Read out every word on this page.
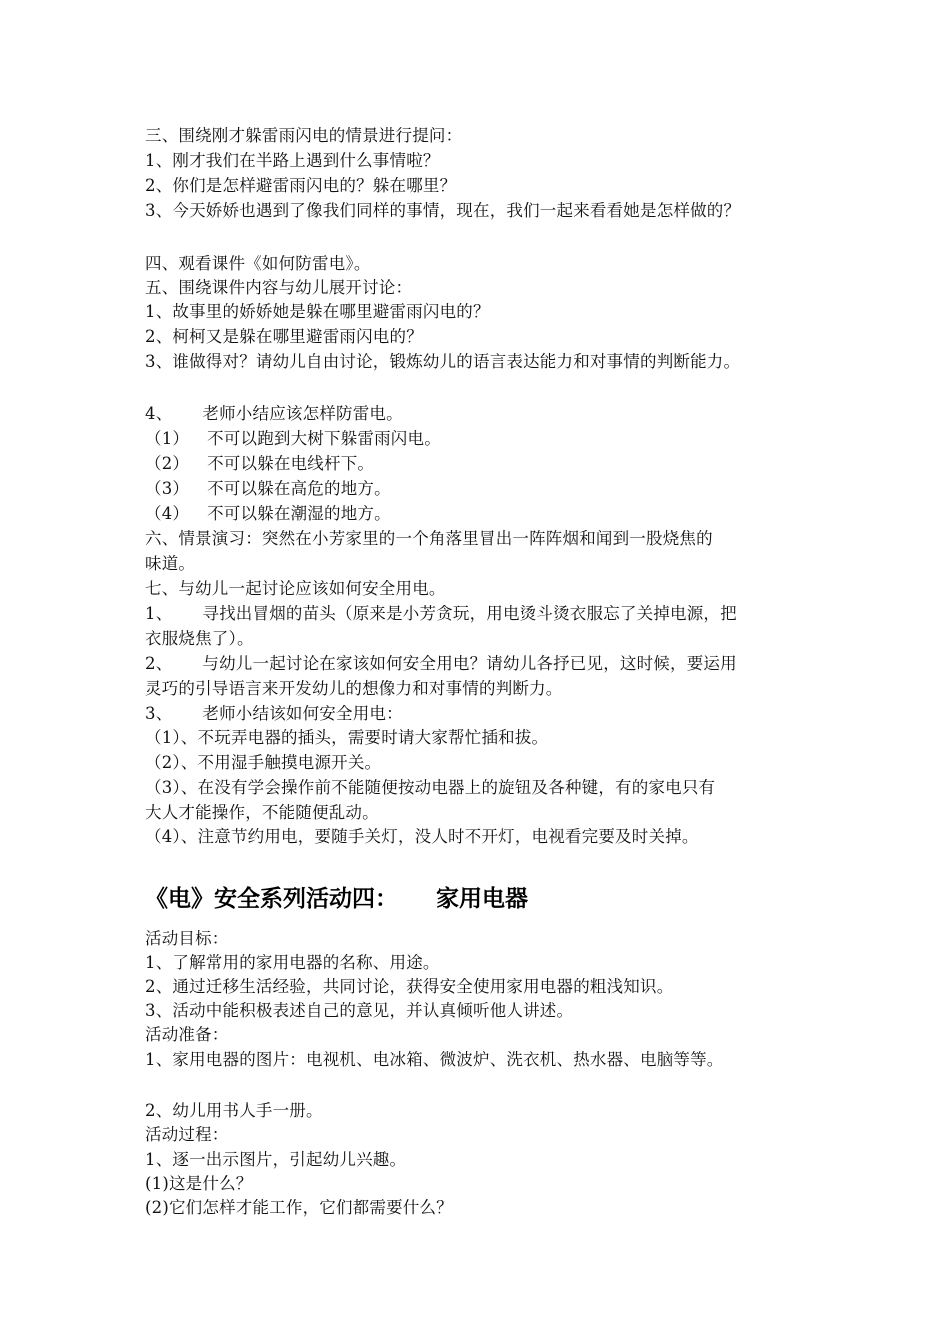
三、围绕刚才躲雷雨闪电的情景进行提问：
1、刚才我们在半路上遇到什么事情啦？
2、你们是怎样避雷雨闪电的？躲在哪里？
3、今天娇娇也遇到了像我们同样的事情，现在，我们一起来看看她是怎样做的？
四、观看课件《如何防雷电》。
五、围绕课件内容与幼儿展开讨论：
1、故事里的娇娇她是躲在哪里避雷雨闪电的？
2、柯柯又是躲在哪里避雷雨闪电的？
3、谁做得对？请幼儿自由讨论，锻炼幼儿的语言表达能力和对事情的判断能力。
4、 老师小结应该怎样防雷电。
（1） 不可以跑到大树下躲雷雨闪电。
（2） 不可以躲在电线杆下。
（3） 不可以躲在高危的地方。
（4） 不可以躲在潮湿的地方。
六、情景演习：突然在小芳家里的一个角落里冒出一阵阵烟和闻到一股烧焦的
味道。
七、与幼儿一起讨论应该如何安全用电。
1、 寻找出冒烟的苗头（原来是小芳贪玩，用电烫斗烫衣服忘了关掉电源，把
衣服烧焦了）。
2、 与幼儿一起讨论在家该如何安全用电？请幼儿各抒已见，这时候，要运用
灵巧的引导语言来开发幼儿的想像力和对事情的判断力。
3、 老师小结该如何安全用电：
（1）、不玩弄电器的插头，需要时请大家帮忙插和拔。
（2）、不用湿手触摸电源开关。
（3）、在没有学会操作前不能随便按动电器上的旋钮及各种键，有的家电只有
大人才能操作，不能随便乱动。
（4）、注意节约用电，要随手关灯，没人时不开灯，电视看完要及时关掉。
《电》安全系列活动四： 家用电器
活动目标：
1、了解常用的家用电器的名称、用途。
2、通过迁移生活经验，共同讨论，获得安全使用家用电器的粗浅知识。
3、活动中能积极表述自己的意见，并认真倾听他人讲述。
活动准备：
1、家用电器的图片：电视机、电冰箱、微波炉、洗衣机、热水器、电脑等等。
2、幼儿用书人手一册。
活动过程：
1、逐一出示图片，引起幼儿兴趣。
(1)这是什么？
(2)它们怎样才能工作，它们都需要什么？
